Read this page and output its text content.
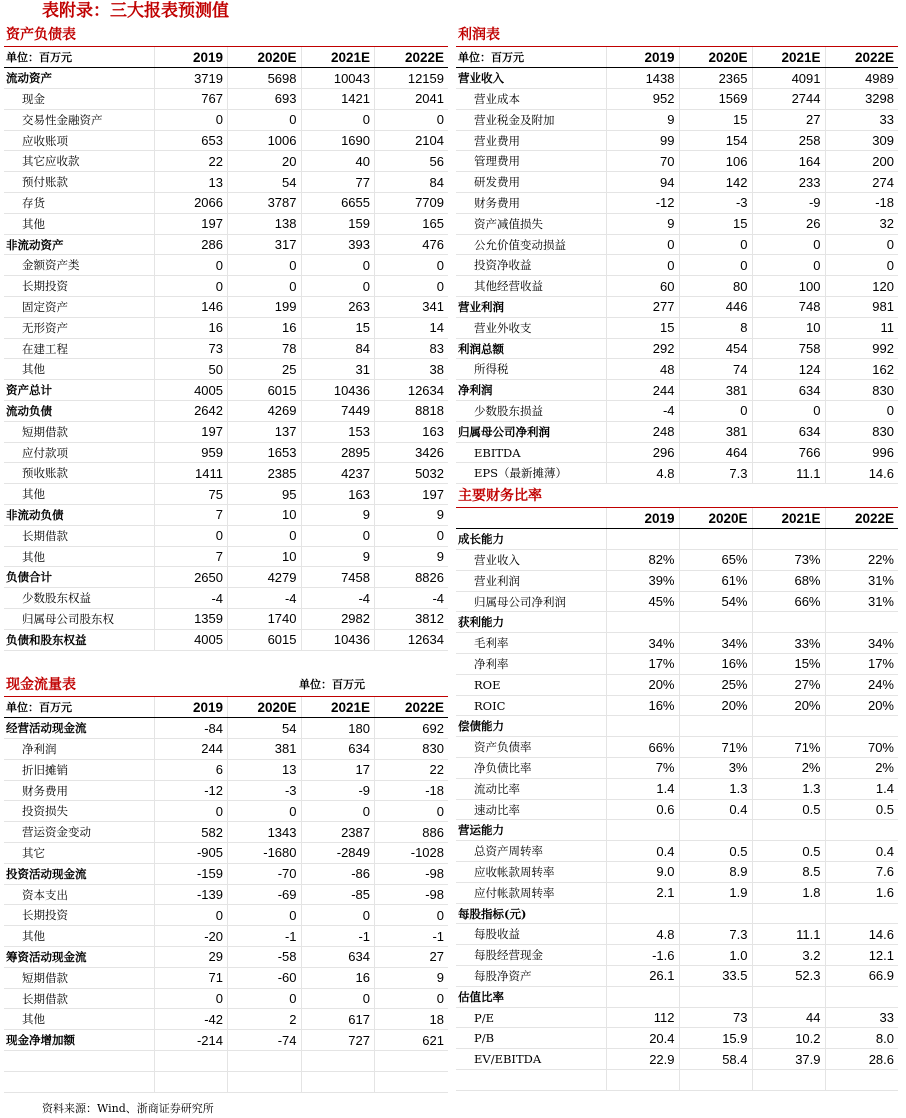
表附录：三大报表预测值
资产负债表
单位：百万元	2019	2020E	2021E	2022E
流动资产	3719	5698	10043	12159
现金	767	693	1421	2041
交易性金融资产	0	0	0	0
应收账项	653	1006	1690	2104
其它应收款	22	20	40	56
预付账款	13	54	77	84
存货	2066	3787	6655	7709
其他	197	138	159	165
非流动资产	286	317	393	476
金额资产类	0	0	0	0
长期投资	0	0	0	0
固定资产	146	199	263	341
无形资产	16	16	15	14
在建工程	73	78	84	83
其他	50	25	31	38
资产总计	4005	6015	10436	12634
流动负债	2642	4269	7449	8818
短期借款	197	137	153	163
应付款项	959	1653	2895	3426
预收账款	1411	2385	4237	5032
其他	75	95	163	197
非流动负债	7	10	9	9
长期借款	0	0	0	0
其他	7	10	9	9
负债合计	2650	4279	7458	8826
少数股东权益	-4	-4	-4	-4
归属母公司股东权	1359	1740	2982	3812
负债和股东权益	4005	6015	10436	12634
现金流量表	单位：百万元
单位：百万元	2019	2020E	2021E	2022E
经营活动现金流	-84	54	180	692
净利润	244	381	634	830
折旧摊销	6	13	17	22
财务费用	-12	-3	-9	-18
投资损失	0	0	0	0
营运资金变动	582	1343	2387	886
其它	-905	-1680	-2849	-1028
投资活动现金流	-159	-70	-86	-98
资本支出	-139	-69	-85	-98
长期投资	0	0	0	0
其他	-20	-1	-1	-1
筹资活动现金流	29	-58	634	27
短期借款	71	-60	16	9
长期借款	0	0	0	0
其他	-42	2	617	18
现金净增加额	-214	-74	727	621

利润表
单位：百万元	2019	2020E	2021E	2022E
营业收入	1438	2365	4091	4989
营业成本	952	1569	2744	3298
营业税金及附加	9	15	27	33
营业费用	99	154	258	309
管理费用	70	106	164	200
研发费用	94	142	233	274
财务费用	-12	-3	-9	-18
资产减值损失	9	15	26	32
公允价值变动损益	0	0	0	0
投资净收益	0	0	0	0
其他经营收益	60	80	100	120
营业利润	277	446	748	981
营业外收支	15	8	10	11
利润总额	292	454	758	992
所得税	48	74	124	162
净利润	244	381	634	830
少数股东损益	-4	0	0	0
归属母公司净利润	248	381	634	830
EBITDA	296	464	766	996
EPS（最新摊薄）	4.8	7.3	11.1	14.6
主要财务比率
	2019	2020E	2021E	2022E
成长能力				
营业收入	82%	65%	73%	22%
营业利润	39%	61%	68%	31%
归属母公司净利润	45%	54%	66%	31%
获利能力				
毛利率	34%	34%	33%	34%
净利率	17%	16%	15%	17%
ROE	20%	25%	27%	24%
ROIC	16%	20%	20%	20%
偿债能力				
资产负债率	66%	71%	71%	70%
净负债比率	7%	3%	2%	2%
流动比率	1.4	1.3	1.3	1.4
速动比率	0.6	0.4	0.5	0.5
营运能力				
总资产周转率	0.4	0.5	0.5	0.4
应收帐款周转率	9.0	8.9	8.5	7.6
应付帐款周转率	2.1	1.9	1.8	1.6
每股指标(元)				
每股收益	4.8	7.3	11.1	14.6
每股经营现金	-1.6	1.0	3.2	12.1
每股净资产	26.1	33.5	52.3	66.9
估值比率				
P/E	112	73	44	33
P/B	20.4	15.9	10.2	8.0
EV/EBITDA	22.9	58.4	37.9	28.6

资料来源：Wind、浙商证券研究所
